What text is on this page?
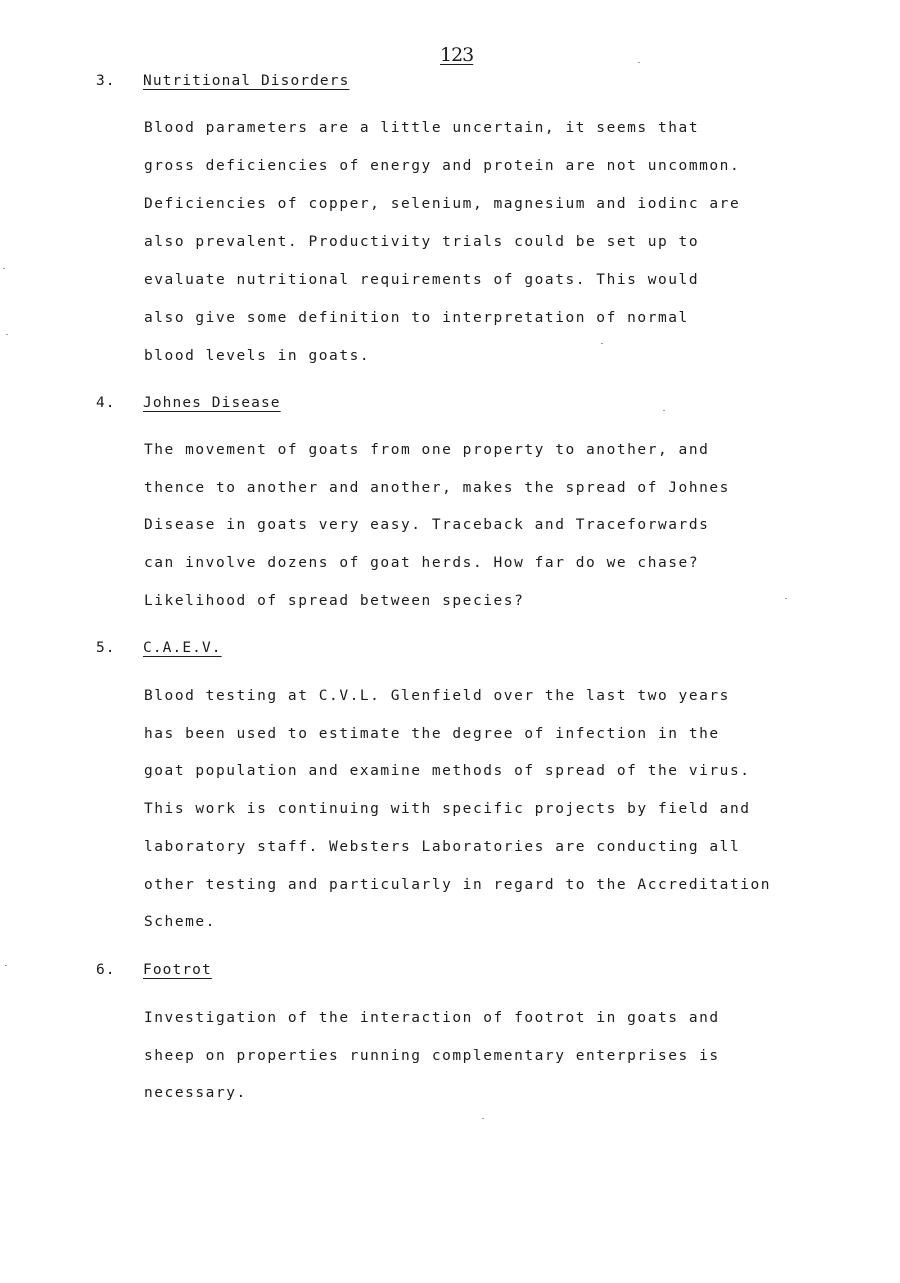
123
3. Nutritional Disorders
Blood parameters are a little uncertain, it seems that
gross deficiencies of energy and protein are not uncommon.
Deficiencies of copper, selenium, magnesium and iodinc are
also prevalent. Productivity trials could be set up to
evaluate nutritional requirements of goats. This would
also give some definition to interpretation of normal
blood levels in goats.
4. Johnes Disease
The movement of goats from one property to another, and
thence to another and another, makes the spread of Johnes
Disease in goats very easy. Traceback and Traceforwards
can involve dozens of goat herds. How far do we chase?
Likelihood of spread between species?
5. C.A.E.V.
Blood testing at C.V.L. Glenfield over the last two years
has been used to estimate the degree of infection in the
goat population and examine methods of spread of the virus.
This work is continuing with specific projects by field and
laboratory staff. Websters Laboratories are conducting all
other testing and particularly in regard to the Accreditation
Scheme.
6. Footrot
Investigation of the interaction of footrot in goats and
sheep on properties running complementary enterprises is
necessary.
